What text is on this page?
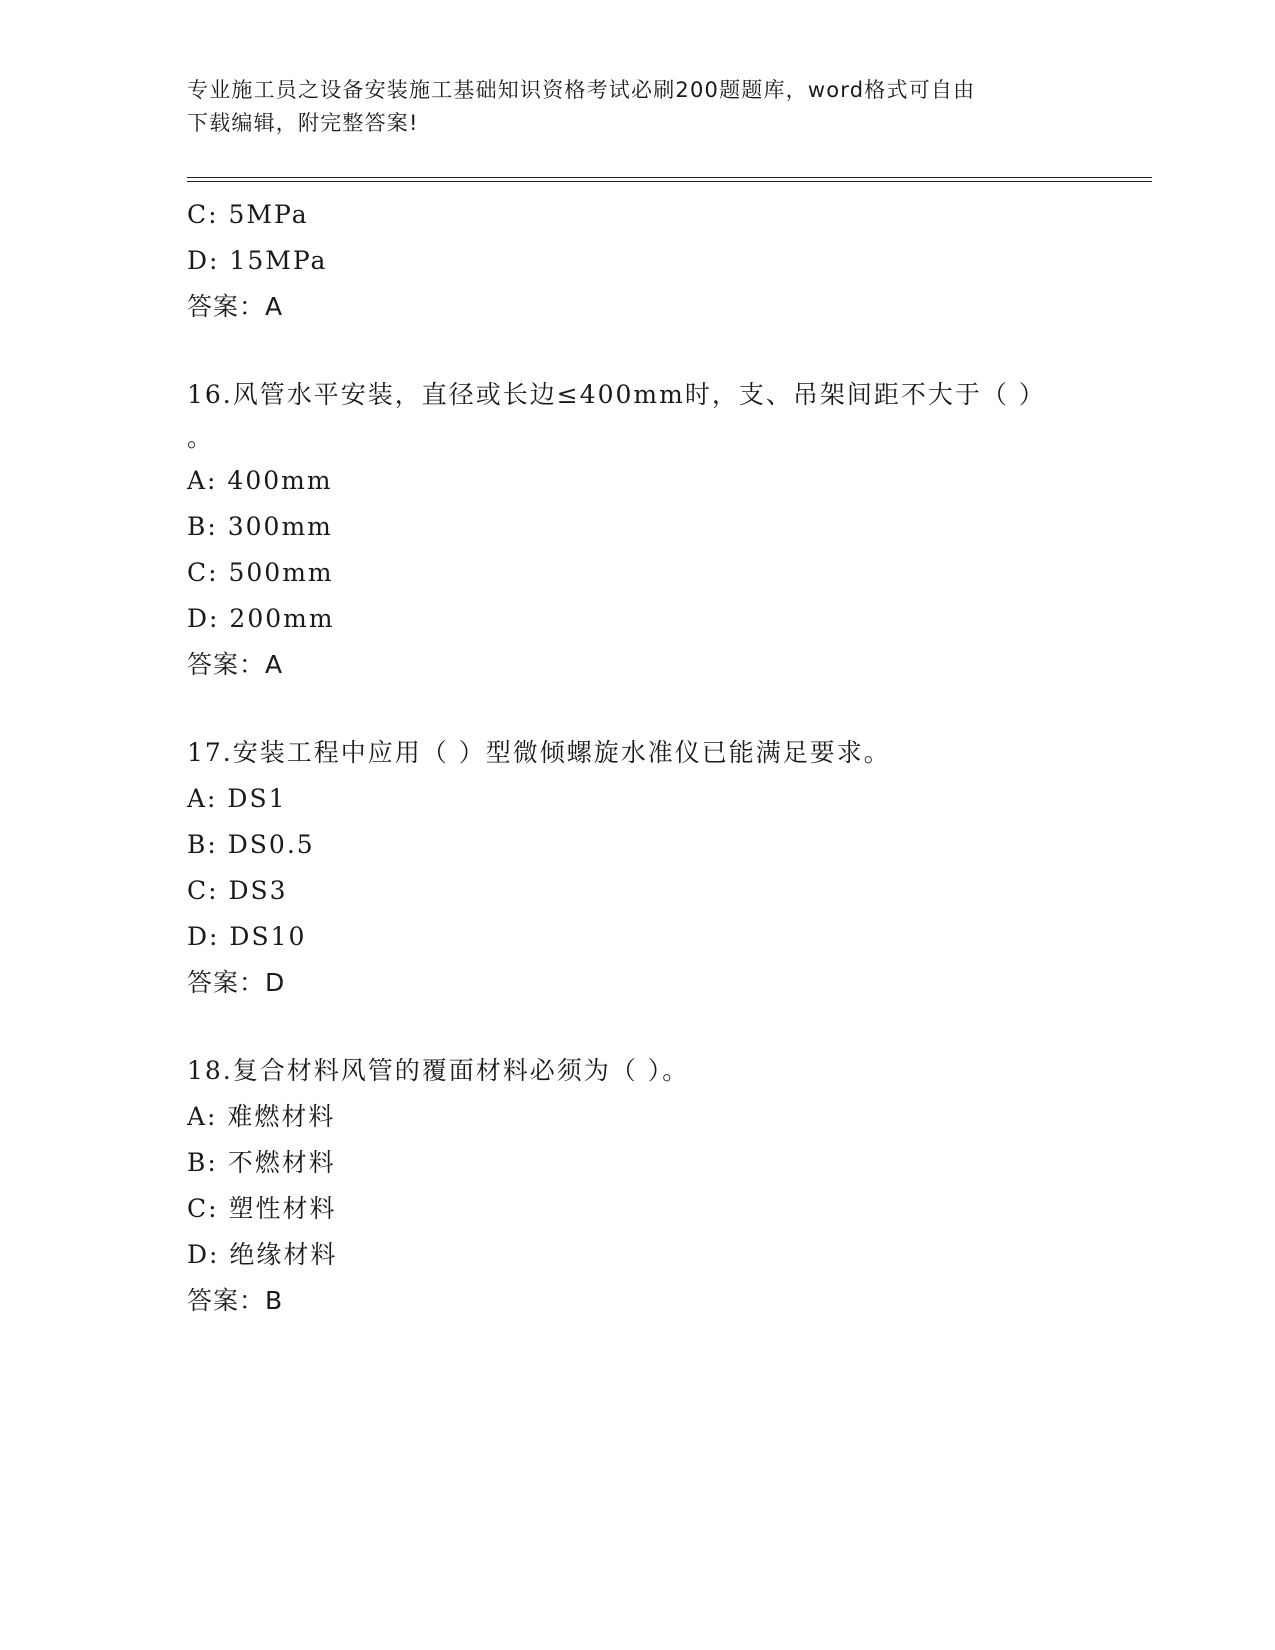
专业施工员之设备安装施工基础知识资格考试必刷200题题库，word格式可自由
下载编辑，附完整答案!
C: 5MPa
D: 15MPa
答案：A
16.风管水平安装，直径或长边≤400mm时，支、吊架间距不大于（ ）
。
A: 400mm
B: 300mm
C: 500mm
D: 200mm
答案：A
17.安装工程中应用（ ）型微倾螺旋水准仪已能满足要求。
A: DS1
B: DS0.5
C: DS3
D: DS10
答案：D
18.复合材料风管的覆面材料必须为（ ）。
A: 难燃材料
B: 不燃材料
C: 塑性材料
D: 绝缘材料
答案：B
